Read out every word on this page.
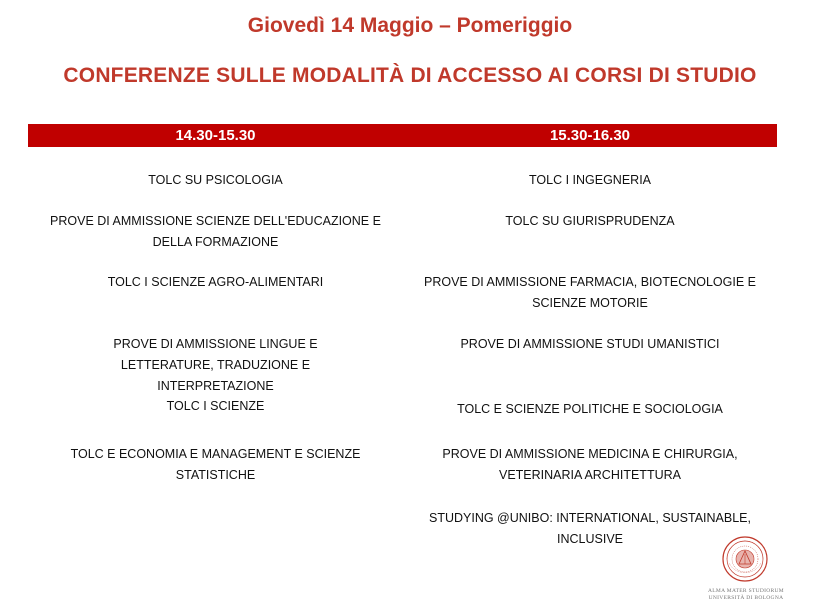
Giovedì 14 Maggio – Pomeriggio
CONFERENZE SULLE MODALITÀ DI ACCESSO AI CORSI DI STUDIO
14.30-15.30	15.30-16.30
TOLC SU PSICOLOGIA
PROVE DI AMMISSIONE SCIENZE DELL'EDUCAZIONE E DELLA FORMAZIONE
TOLC I SCIENZE AGRO-ALIMENTARI
PROVE DI AMMISSIONE LINGUE E LETTERATURE, TRADUZIONE E INTERPRETAZIONE
TOLC I SCIENZE
TOLC E ECONOMIA E MANAGEMENT E SCIENZE STATISTICHE
TOLC I INGEGNERIA
TOLC SU GIURISPRUDENZA
PROVE DI AMMISSIONE FARMACIA, BIOTECNOLOGIE E SCIENZE MOTORIE
PROVE DI AMMISSIONE STUDI UMANISTICI
TOLC E SCIENZE POLITICHE E SOCIOLOGIA
PROVE DI AMMISSIONE MEDICINA E CHIRURGIA, VETERINARIA ARCHITETTURA
STUDYING @UNIBO: INTERNATIONAL, SUSTAINABLE, INCLUSIVE
ALMA MATER STUDIORUM
UNIVERSITÀ DI BOLOGNA
